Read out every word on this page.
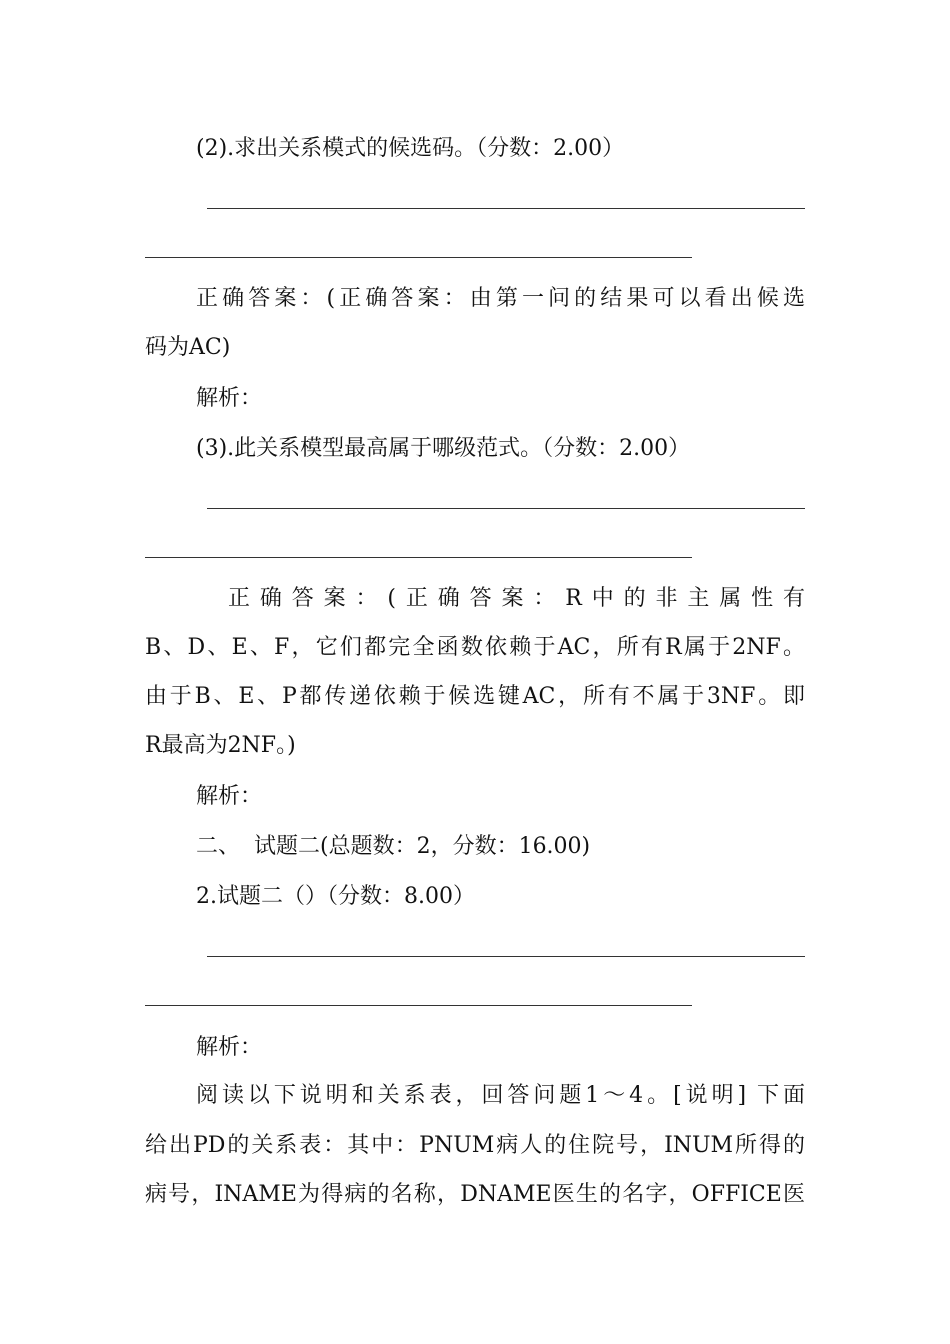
(2).求出关系模式的候选码。（分数：2.00）
正确答案：(正确答案：由第一问的结果可以看出候选
码为AC)
解析：
(3).此关系模型最高属于哪级范式。（分数：2.00）
正确答案：(正确答案：R中的非主属性有
B、D、E、F，它们都完全函数依赖于AC，所有R属于2NF。
由于B、E、P都传递依赖于候选键AC，所有不属于3NF。即
R最高为2NF。)
解析：
二、  试题二(总题数：2，分数：16.00)
2.试题二（）（分数：8.00）
解析：
阅读以下说明和关系表，回答问题1～4。[说明] 下面
给出PD的关系表：其中：PNUM病人的住院号，INUM所得的
病号，INAME为得病的名称，DNAME医生的名字，OFFICE医
